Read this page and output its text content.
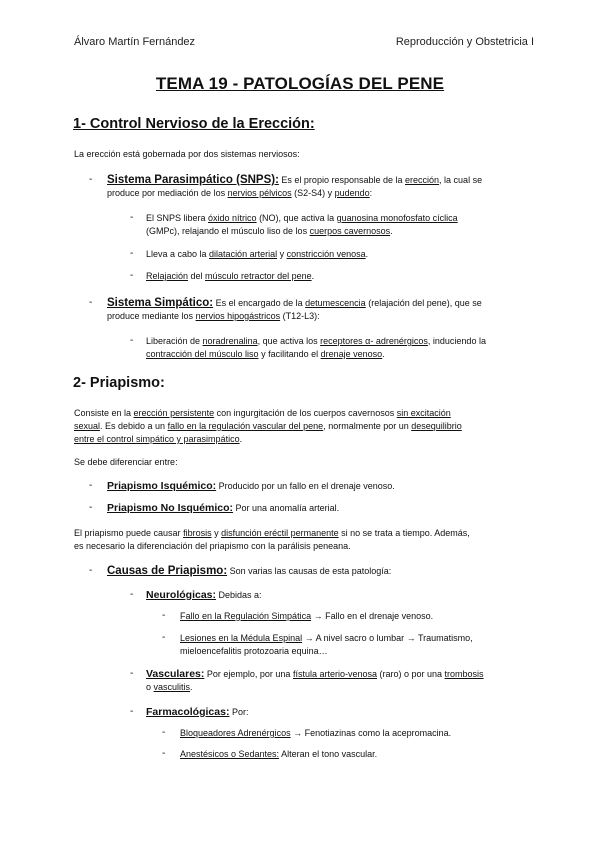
Álvaro Martín Fernández	Reproducción y Obstetricia I
TEMA 19 - PATOLOGÍAS DEL PENE
1- Control Nervioso de la Erección:
La erección está gobernada por dos sistemas nerviosos:
- Sistema Parasimpático (SNPS): Es el propio responsable de la erección, la cual se
produce por mediación de los nervios pélvicos (S2-S4) y pudendo:
- El SNPS libera óxido nítrico (NO), que activa la guanosina monofosfato cíclica
(GMPc), relajando el músculo liso de los cuerpos cavernosos.
- Lleva a cabo la dilatación arterial y constricción venosa.
- Relajación del músculo retractor del pene.
- Sistema Simpático: Es el encargado de la detumescencia (relajación del pene), que se
produce mediante los nervios hipogástricos (T12-L3):
- Liberación de noradrenalina, que activa los receptores α- adrenérgicos, induciendo la
contracción del músculo liso y facilitando el drenaje venoso.
2- Priapismo:
Consiste en la erección persistente con ingurgitación de los cuerpos cavernosos sin excitación
sexual. Es debido a un fallo en la regulación vascular del pene, normalmente por un desequilibrio
entre el control simpático y parasimpático.
Se debe diferenciar entre:
- Priapismo Isquémico: Producido por un fallo en el drenaje venoso.
- Priapismo No Isquémico: Por una anomalía arterial.
El priapismo puede causar fibrosis y disfunción eréctil permanente si no se trata a tiempo. Además,
es necesario la diferenciación del priapismo con la parálisis peneana.
- Causas de Priapismo: Son varias las causas de esta patología:
- Neurológicas: Debidas a:
- Fallo en la Regulación Simpática → Fallo en el drenaje venoso.
- Lesiones en la Médula Espinal → A nivel sacro o lumbar → Traumatismo,
mieloencefalitis protozoaria equina…
- Vasculares: Por ejemplo, por una fístula arterio-venosa (raro) o por una trombosis
o vasculitis.
- Farmacológicas: Por:
- Bloqueadores Adrenérgicos → Fenotiazinas como la acepromacina.
- Anestésicos o Sedantes: Alteran el tono vascular.
